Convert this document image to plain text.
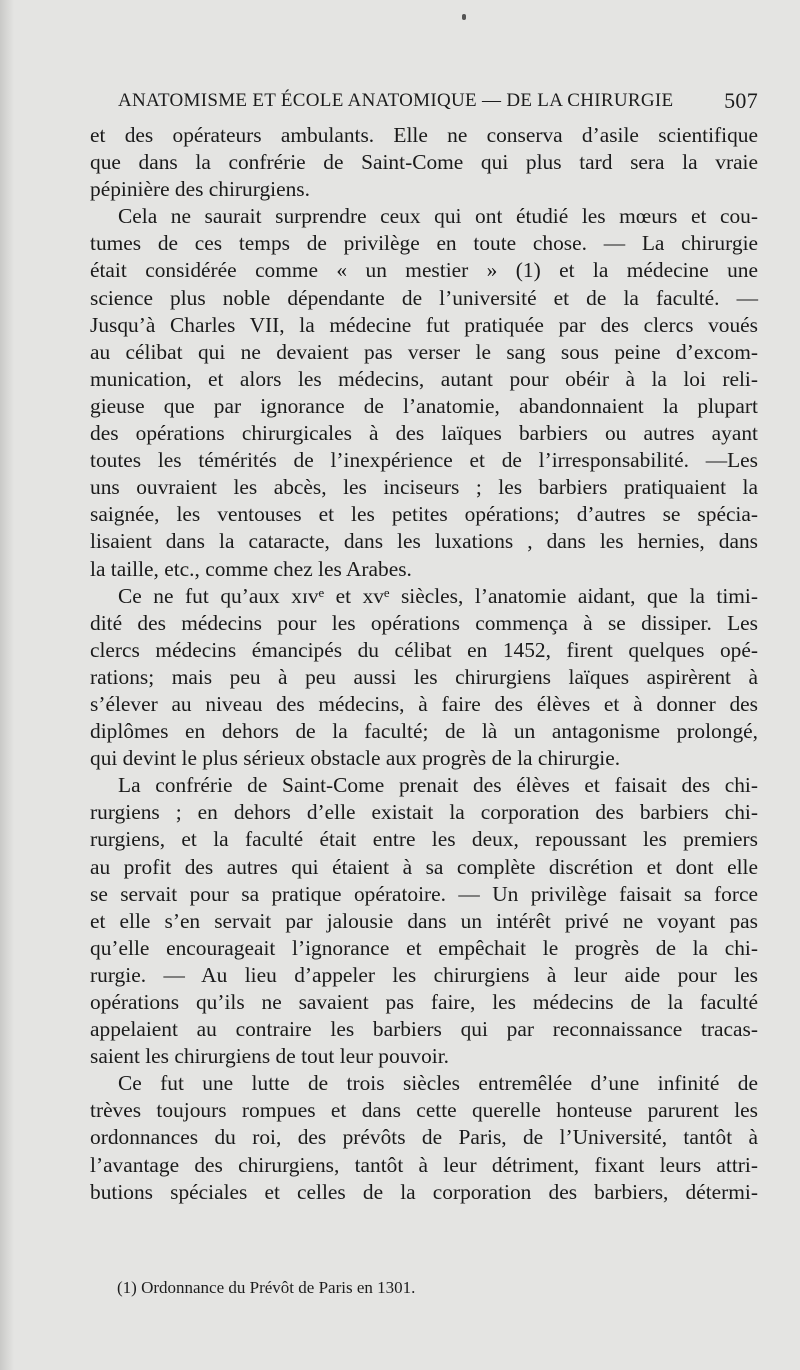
ANATOMISME ET ÉCOLE ANATOMIQUE — DE LA CHIRURGIE 507
et des opérateurs ambulants. Elle ne conserva d’asile scientifique
que dans la confrérie de Saint-Come qui plus tard sera la vraie
pépinière des chirurgiens.
Cela ne saurait surprendre ceux qui ont étudié les mœurs et cou-
tumes de ces temps de privilège en toute chose. — La chirurgie
était considérée comme « un mestier » (1) et la médecine une
science plus noble dépendante de l’université et de la faculté. —
Jusqu’à Charles VII, la médecine fut pratiquée par des clercs voués
au célibat qui ne devaient pas verser le sang sous peine d’excom-
munication, et alors les médecins, autant pour obéir à la loi reli-
gieuse que par ignorance de l’anatomie, abandonnaient la plupart
des opérations chirurgicales à des laïques barbiers ou autres ayant
toutes les témérités de l’inexpérience et de l’irresponsabilité. —Les
uns ouvraient les abcès, les inciseurs ; les barbiers pratiquaient la
saignée, les ventouses et les petites opérations; d’autres se spécia-
lisaient dans la cataracte, dans les luxations , dans les hernies, dans
la taille, etc., comme chez les Arabes.
Ce ne fut qu’aux xɪvᵉ et xvᵉ siècles, l’anatomie aidant, que la timi-
dité des médecins pour les opérations commença à se dissiper. Les
clercs médecins émancipés du célibat en 1452, firent quelques opé-
rations; mais peu à peu aussi les chirurgiens laïques aspirèrent à
s’élever au niveau des médecins, à faire des élèves et à donner des
diplômes en dehors de la faculté; de là un antagonisme prolongé,
qui devint le plus sérieux obstacle aux progrès de la chirurgie.
La confrérie de Saint-Come prenait des élèves et faisait des chi-
rurgiens ; en dehors d’elle existait la corporation des barbiers chi-
rurgiens, et la faculté était entre les deux, repoussant les premiers
au profit des autres qui étaient à sa complète discrétion et dont elle
se servait pour sa pratique opératoire. — Un privilège faisait sa force
et elle s’en servait par jalousie dans un intérêt privé ne voyant pas
qu’elle encourageait l’ignorance et empêchait le progrès de la chi-
rurgie. — Au lieu d’appeler les chirurgiens à leur aide pour les
opérations qu’ils ne savaient pas faire, les médecins de la faculté
appelaient au contraire les barbiers qui par reconnaissance tracas-
saient les chirurgiens de tout leur pouvoir.
Ce fut une lutte de trois siècles entremêlée d’une infinité de
trèves toujours rompues et dans cette querelle honteuse parurent les
ordonnances du roi, des prévôts de Paris, de l’Université, tantôt à
l’avantage des chirurgiens, tantôt à leur détriment, fixant leurs attri-
butions spéciales et celles de la corporation des barbiers, détermi-
(1) Ordonnance du Prévôt de Paris en 1301.
